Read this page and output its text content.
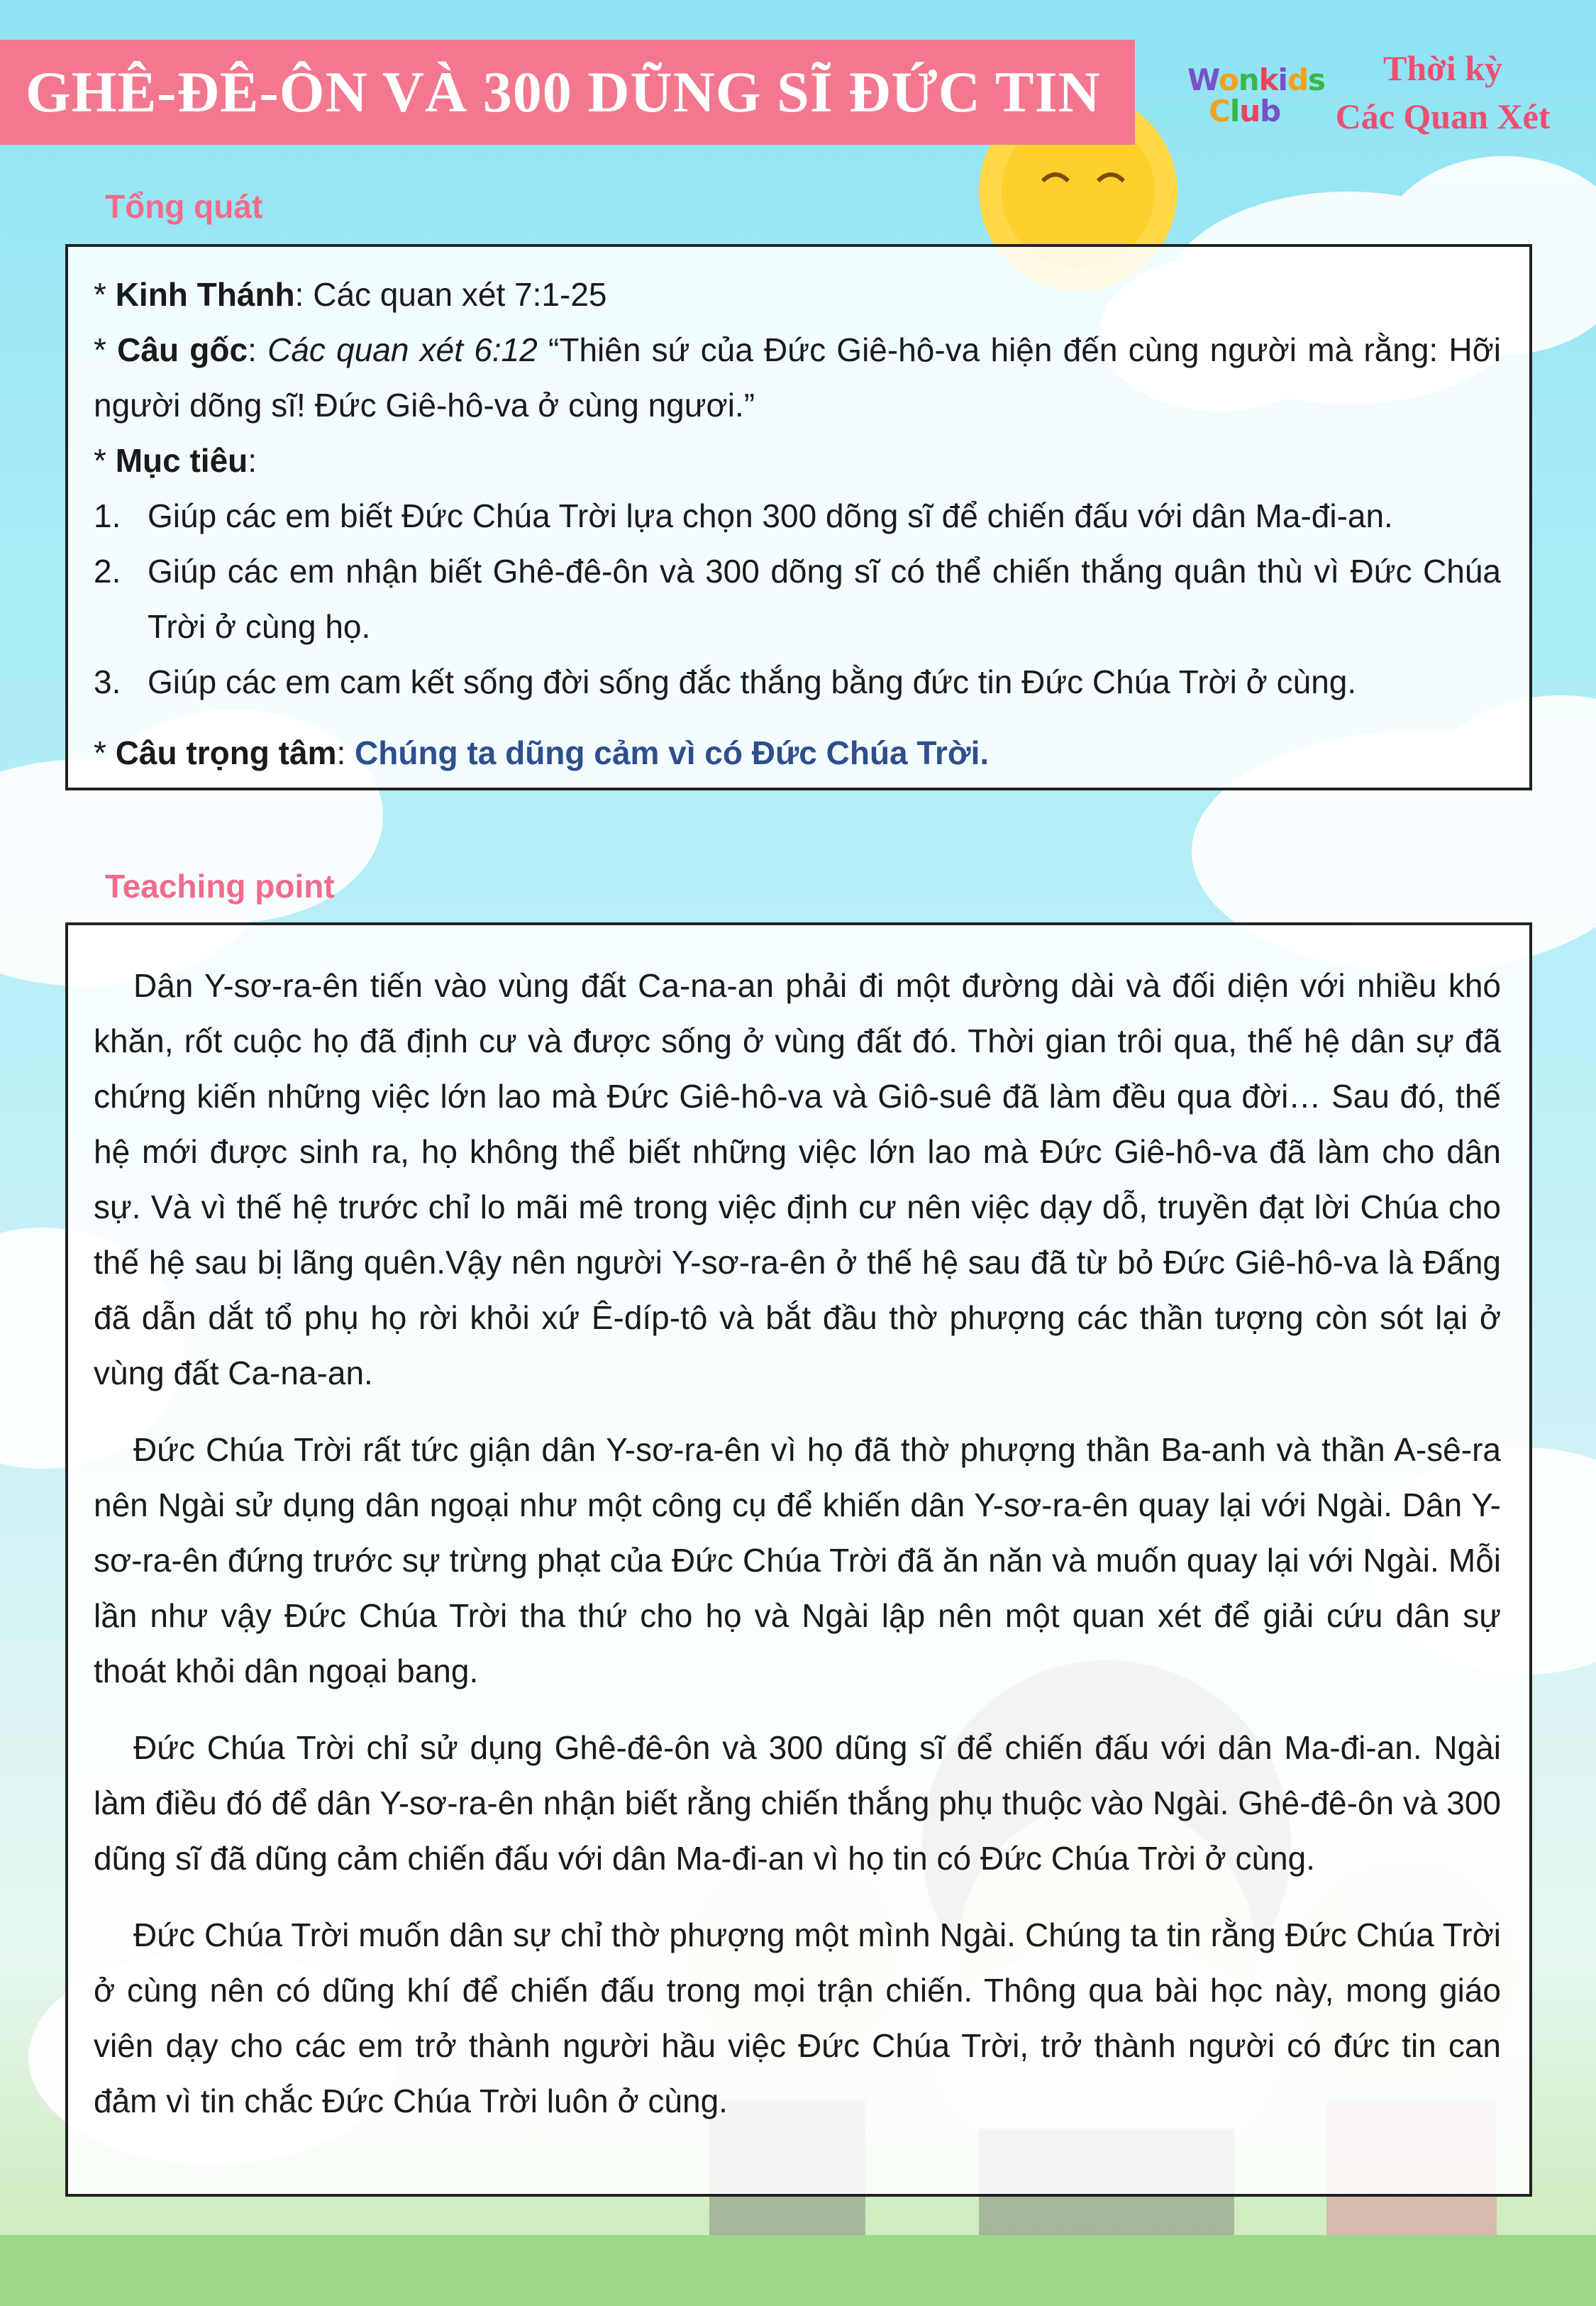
GHÊ-ĐÊ-ÔN VÀ 300 DŨNG SĨ ĐỨC TIN	Wonkids
Club
Thời kỳ
Các Quan Xét
Tổng quát

* Kinh Thánh: Các quan xét 7:1-25

* Câu gốc: Các quan xét 6:12 “Thiên sứ của Đức Giê-hô-va hiện đến cùng người mà rằng: Hỡi người dõng sĩ! Đức Giê-hô-va ở cùng ngươi.”

* Mục tiêu:

1. Giúp các em biết Đức Chúa Trời lựa chọn 300 dõng sĩ để chiến đấu với dân Ma-đi-an.
2. Giúp các em nhận biết Ghê-đê-ôn và 300 dõng sĩ có thể chiến thắng quân thù vì Đức Chúa Trời ở cùng họ.
3. Giúp các em cam kết sống đời sống đắc thắng bằng đức tin Đức Chúa Trời ở cùng.

* Câu trọng tâm: Chúng ta dũng cảm vì có Đức Chúa Trời.

Teaching point

Dân Y-sơ-ra-ên tiến vào vùng đất Ca-na-an phải đi một đường dài và đối diện với nhiều khó khăn, rốt cuộc họ đã định cư và được sống ở vùng đất đó. Thời gian trôi qua, thế hệ dân sự đã chứng kiến những việc lớn lao mà Đức Giê-hô-va và Giô-suê đã làm đều qua đời… Sau đó, thế hệ mới được sinh ra, họ không thể biết những việc lớn lao mà Đức Giê-hô-va đã làm cho dân sự. Và vì thế hệ trước chỉ lo mãi mê trong việc định cư nên việc dạy dỗ, truyền đạt lời Chúa cho thế hệ sau bị lãng quên.Vậy nên người Y-sơ-ra-ên ở thế hệ sau đã từ bỏ Đức Giê-hô-va là Đấng đã dẫn dắt tổ phụ họ rời khỏi xứ Ê-díp-tô và bắt đầu thờ phượng các thần tượng còn sót lại ở vùng đất Ca-na-an.

Đức Chúa Trời rất tức giận dân Y-sơ-ra-ên vì họ đã thờ phượng thần Ba-anh và thần A-sê-ra nên Ngài sử dụng dân ngoại như một công cụ để khiến dân Y-sơ-ra-ên quay lại với Ngài. Dân Y-sơ-ra-ên đứng trước sự trừng phạt của Đức Chúa Trời đã ăn năn và muốn quay lại với Ngài. Mỗi lần như vậy Đức Chúa Trời tha thứ cho họ và Ngài lập nên một quan xét để giải cứu dân sự thoát khỏi dân ngoại bang.

Đức Chúa Trời chỉ sử dụng Ghê-đê-ôn và 300 dũng sĩ để chiến đấu với dân Ma-đi-an. Ngài làm điều đó để dân Y-sơ-ra-ên nhận biết rằng chiến thắng phụ thuộc vào Ngài. Ghê-đê-ôn và 300 dũng sĩ đã dũng cảm chiến đấu với dân Ma-đi-an vì họ tin có Đức Chúa Trời ở cùng.

Đức Chúa Trời muốn dân sự chỉ thờ phượng một mình Ngài. Chúng ta tin rằng Đức Chúa Trời ở cùng nên có dũng khí để chiến đấu trong mọi trận chiến. Thông qua bài học này, mong giáo viên dạy cho các em trở thành người hầu việc Đức Chúa Trời, trở thành người có đức tin can đảm vì tin chắc Đức Chúa Trời luôn ở cùng.
